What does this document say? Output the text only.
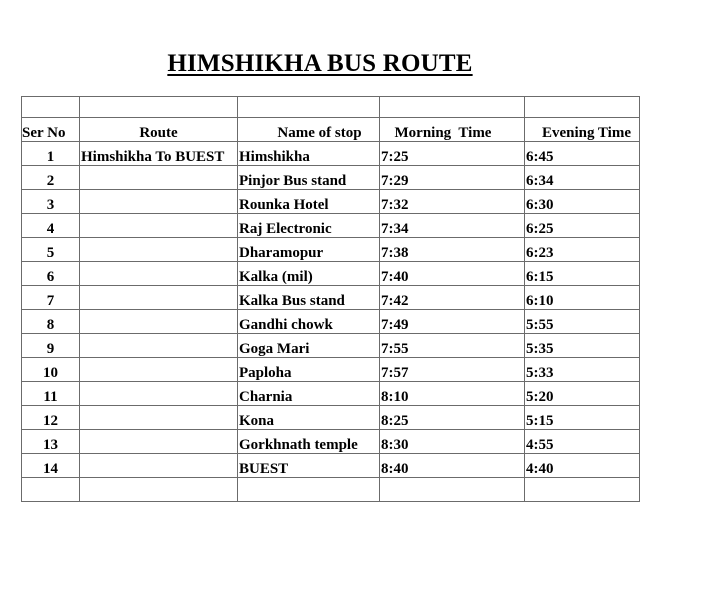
HIMSHIKHA BUS ROUTE

Ser No	Route	Name of stop	Morning  Time	Evening Time
1	Himshikha To BUEST	Himshikha	7:25	6:45
2		Pinjor Bus stand	7:29	6:34
3		Rounka Hotel	7:32	6:30
4		Raj Electronic	7:34	6:25
5		Dharamopur	7:38	6:23
6		Kalka (mil)	7:40	6:15
7		Kalka Bus stand	7:42	6:10
8		Gandhi chowk	7:49	5:55
9		Goga Mari	7:55	5:35
10		Paploha	7:57	5:33
11		Charnia	8:10	5:20
12		Kona	8:25	5:15
13		Gorkhnath temple	8:30	4:55
14		BUEST	8:40	4:40
